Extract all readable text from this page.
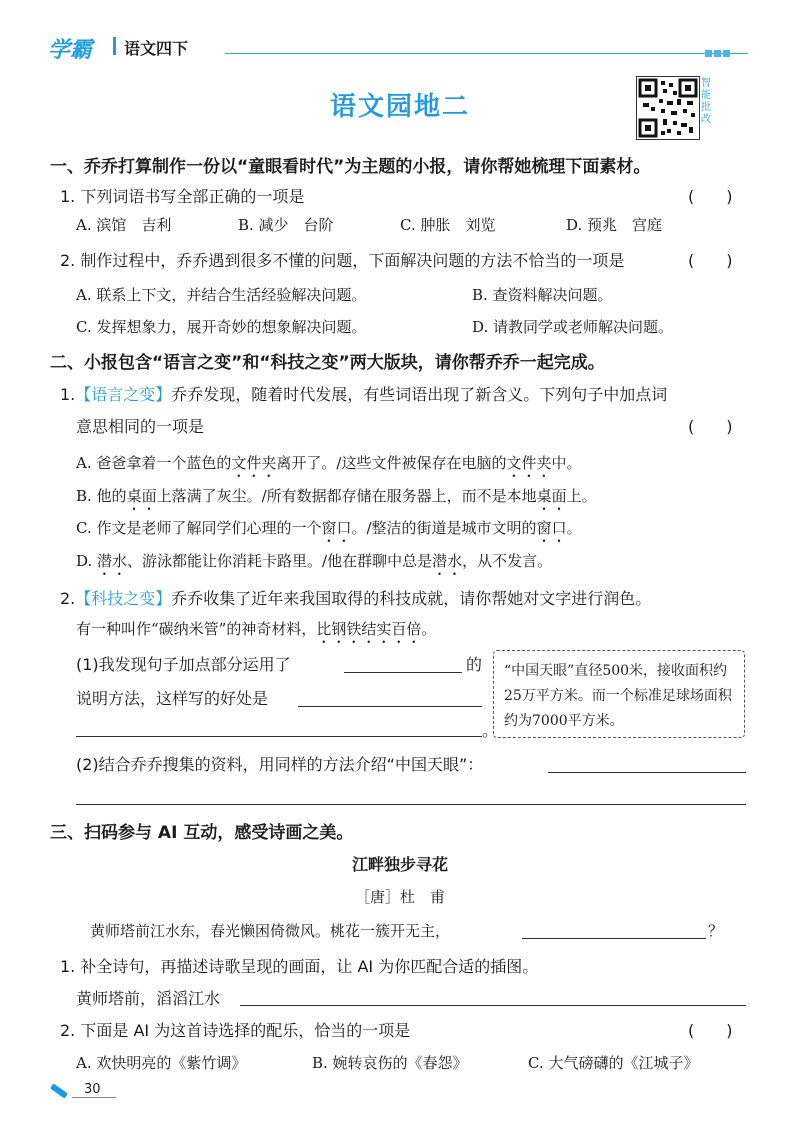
学霸 语文四下
语文园地二
智能批改
一、乔乔打算制作一份以“童眼看时代”为主题的小报，请你帮她梳理下面素材。
1. 下列词语书写全部正确的一项是	(　　)
A. 滨馆　吉利	B. 减少　台阶	C. 肿胀　刘览	D. 预兆　宫庭
2. 制作过程中，乔乔遇到很多不懂的问题，下面解决问题的方法不恰当的一项是	(　　)
A. 联系上下文，并结合生活经验解决问题。	B. 查资料解决问题。
C. 发挥想象力，展开奇妙的想象解决问题。	D. 请教同学或老师解决问题。
二、小报包含“语言之变”和“科技之变”两大版块，请你帮乔乔一起完成。
1.【语言之变】乔乔发现，随着时代发展，有些词语出现了新含义。下列句子中加点词
意思相同的一项是	(　　)
A. 爸爸拿着一个蓝色的文件夹离开了。/这些文件被保存在电脑的文件夹中。
B. 他的桌面上落满了灰尘。/所有数据都存储在服务器上，而不是本地桌面上。
C. 作文是老师了解同学们心理的一个窗口。/整洁的街道是城市文明的窗口。
D. 潜水、游泳都能让你消耗卡路里。/他在群聊中总是潜水，从不发言。
2.【科技之变】乔乔收集了近年来我国取得的科技成就，请你帮她对文字进行润色。
有一种叫作“碳纳米管”的神奇材料，比钢铁结实百倍。
(1)我发现句子加点部分运用了	的
说明方法，这样写的好处是
。
“中国天眼”直径500米，接收面积约25万平方米。而一个标准足球场面积约为7000平方米。
(2)结合乔乔搜集的资料，用同样的方法介绍“中国天眼”：
三、扫码参与 AI 互动，感受诗画之美。
江畔独步寻花
［唐］杜　甫
黄师塔前江水东，春光懒困倚微风。桃花一簇开无主，	？
1. 补全诗句，再描述诗歌呈现的画面，让 AI 为你匹配合适的插图。
黄师塔前，滔滔江水
2. 下面是 AI 为这首诗选择的配乐，恰当的一项是	(　　)
A. 欢快明亮的《紫竹调》	B. 婉转哀伤的《春怨》	C. 大气磅礴的《江城子》
30
